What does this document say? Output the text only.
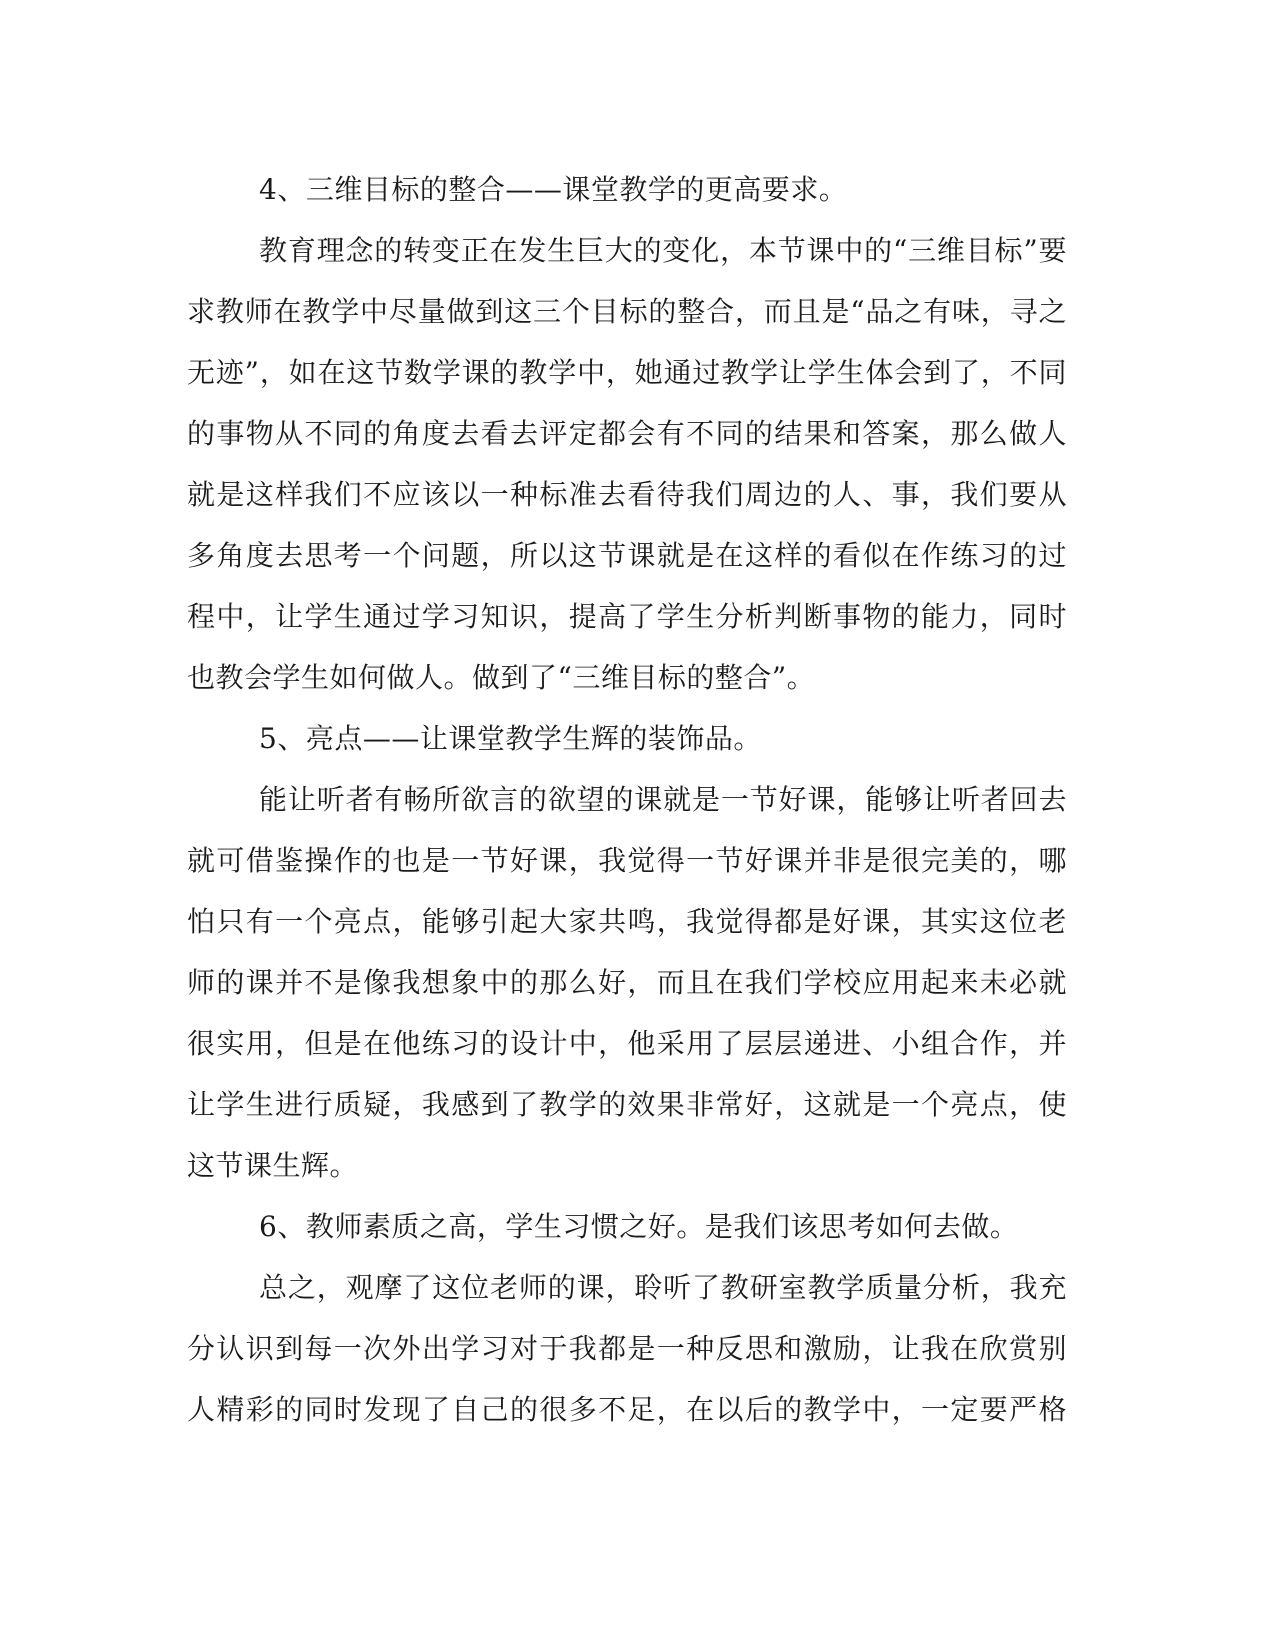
4、三维目标的整合——课堂教学的更高要求。
教育理念的转变正在发生巨大的变化，本节课中的“三维目标”要
求教师在教学中尽量做到这三个目标的整合，而且是“品之有味，寻之
无迹”，如在这节数学课的教学中，她通过教学让学生体会到了，不同
的事物从不同的角度去看去评定都会有不同的结果和答案，那么做人
就是这样我们不应该以一种标准去看待我们周边的人、事，我们要从
多角度去思考一个问题，所以这节课就是在这样的看似在作练习的过
程中，让学生通过学习知识，提高了学生分析判断事物的能力，同时
也教会学生如何做人。做到了“三维目标的整合”。
5、亮点——让课堂教学生辉的装饰品。
能让听者有畅所欲言的欲望的课就是一节好课，能够让听者回去
就可借鉴操作的也是一节好课，我觉得一节好课并非是很完美的，哪
怕只有一个亮点，能够引起大家共鸣，我觉得都是好课，其实这位老
师的课并不是像我想象中的那么好，而且在我们学校应用起来未必就
很实用，但是在他练习的设计中，他采用了层层递进、小组合作，并
让学生进行质疑，我感到了教学的效果非常好，这就是一个亮点，使
这节课生辉。
6、教师素质之高，学生习惯之好。是我们该思考如何去做。
总之，观摩了这位老师的课，聆听了教研室教学质量分析，我充
分认识到每一次外出学习对于我都是一种反思和激励，让我在欣赏别
人精彩的同时发现了自己的很多不足，在以后的教学中，一定要严格
